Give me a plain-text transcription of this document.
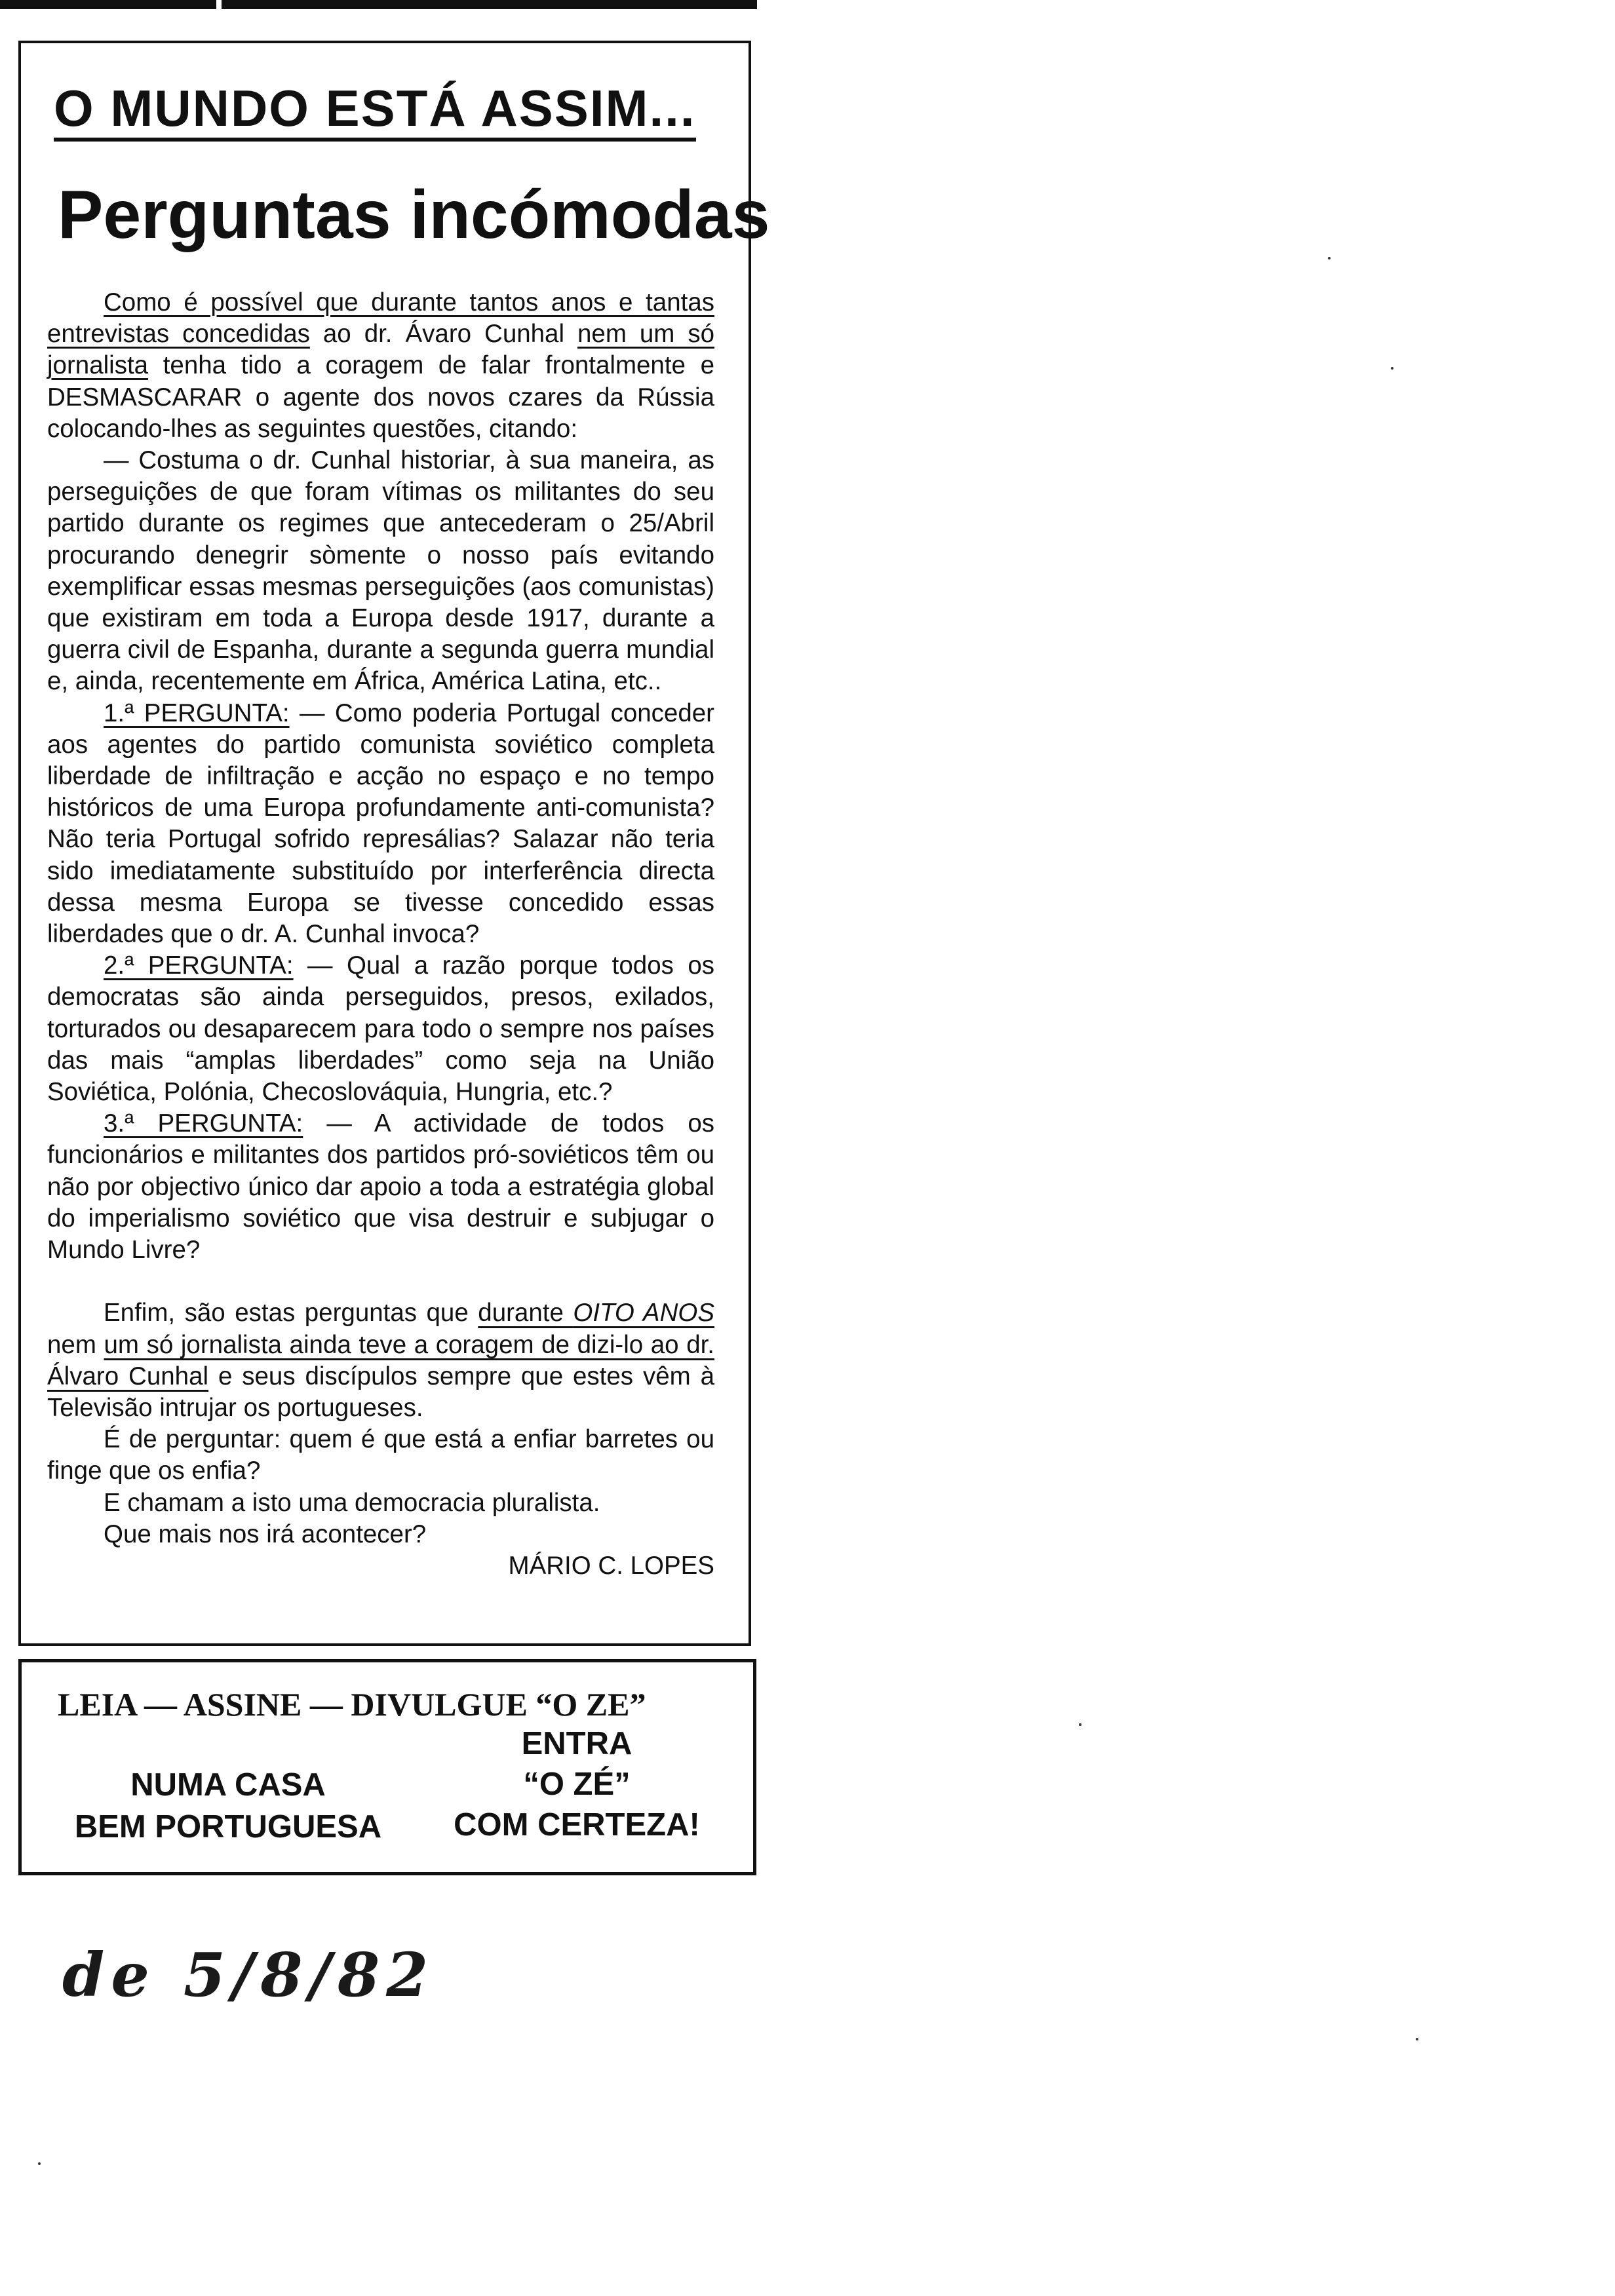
O MUNDO ESTÁ ASSIM...
Perguntas incómodas

Como é possível que durante tantos anos e tantas entrevistas concedidas ao dr. Ávaro Cunhal nem um só jornalista tenha tido a coragem de falar frontalmente e DESMASCARAR o agente dos novos czares da Rússia colocando-lhes as seguintes questões, citando:

— Costuma o dr. Cunhal historiar, à sua maneira, as perseguições de que foram vítimas os militantes do seu partido durante os regimes que antecederam o 25/Abril procurando denegrir sòmente o nosso país evitando exemplificar essas mesmas perseguições (aos comunistas) que existiram em toda a Europa desde 1917, durante a guerra civil de Espanha, durante a segunda guerra mundial e, ainda, recentemente em África, América Latina, etc..

1.ª PERGUNTA: — Como poderia Portugal conceder aos agentes do partido comunista soviético completa liberdade de infiltração e acção no espaço e no tempo históricos de uma Europa profundamente anti-comunista? Não teria Portugal sofrido represálias? Salazar não teria sido imediatamente substituído por interferência directa dessa mesma Europa se tivesse concedido essas liberdades que o dr. A. Cunhal invoca?

2.ª PERGUNTA: — Qual a razão porque todos os democratas são ainda perseguidos, presos, exilados, torturados ou desaparecem para todo o sempre nos países das mais “amplas liberdades” como seja na União Soviética, Polónia, Checoslováquia, Hungria, etc.?

3.ª PERGUNTA: — A actividade de todos os funcionários e militantes dos partidos pró-soviéticos têm ou não por objectivo único dar apoio a toda a estratégia global do imperialismo soviético que visa destruir e subjugar o Mundo Livre?

Enfim, são estas perguntas que durante OITO ANOS nem um só jornalista ainda teve a coragem de dizi-lo ao dr. Álvaro Cunhal e seus discípulos sempre que estes vêm à Televisão intrujar os portugueses.

É de perguntar: quem é que está a enfiar barretes ou finge que os enfia?

E chamam a isto uma democracia pluralista.

Que mais nos irá acontecer?

MÁRIO C. LOPES

LEIA — ASSINE — DIVULGUE “O ZE”

NUMA CASA
BEM PORTUGUESA
ENTRA
“O ZÉ”
COM CERTEZA!

de 5/8/82
